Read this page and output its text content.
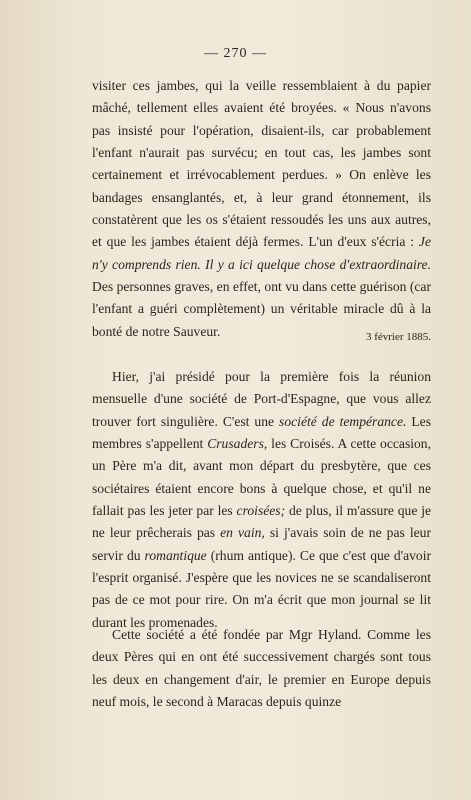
— 270 —

visiter ces jambes, qui la veille ressemblaient à du papier mâché, tellement elles avaient été broyées. « Nous n'avons pas insisté pour l'opération, disaient-ils, car probablement l'enfant n'aurait pas survécu; en tout cas, les jambes sont certainement et irrévocablement perdues. » On enlève les bandages ensanglantés, et, à leur grand étonnement, ils constatèrent que les os s'étaient ressoudés les uns aux autres, et que les jambes étaient déjà fermes. L'un d'eux s'écria : Je n'y comprends rien. Il y a ici quelque chose d'extraordinaire. Des personnes graves, en effet, ont vu dans cette guérison (car l'enfant a guéri complètement) un véritable miracle dû à la bonté de notre Sauveur.	3 février 1885.

Hier, j'ai présidé pour la première fois la réunion mensuelle d'une société de Port-d'Espagne, que vous allez trouver fort singulière. C'est une société de tempérance. Les membres s'appellent Crusaders, les Croisés. A cette occasion, un Père m'a dit, avant mon départ du presbytère, que ces sociétaires étaient encore bons à quelque chose, et qu'il ne fallait pas les jeter par les croisées; de plus, il m'assure que je ne leur prêcherais pas en vain, si j'avais soin de ne pas leur servir du romantique (rhum antique). Ce que c'est que d'avoir l'esprit organisé. J'espère que les novices ne se scandaliseront pas de ce mot pour rire. On m'a écrit que mon journal se lit durant les promenades.

Cette société a été fondée par Mgr Hyland. Comme les deux Pères qui en ont été successivement chargés sont tous les deux en changement d'air, le premier en Europe depuis neuf mois, le second à Maracas depuis quinze
